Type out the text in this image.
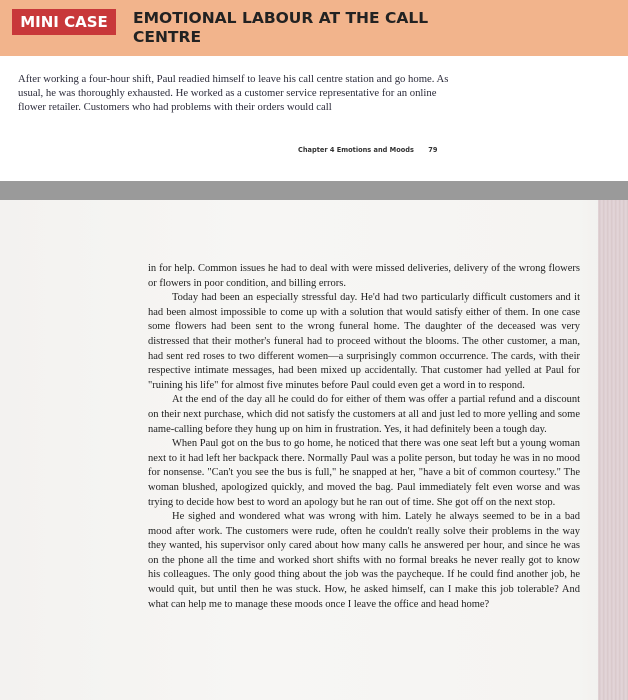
MINI CASE	EMOTIONAL LABOUR AT THE CALL
CENTRE
After working a four-hour shift, Paul readied himself to leave his call centre station and go home. As usual, he was thoroughly exhausted. He worked as a customer service representative for an online flower retailer. Customers who had problems with their orders would call
Chapter 4 Emotions and Moods 79

in for help. Common issues he had to deal with were missed deliveries, delivery of the wrong flowers or flowers in poor condition, and billing errors.

Today had been an especially stressful day. He'd had two particularly difficult customers and it had been almost impossible to come up with a solution that would satisfy either of them. In one case some flowers had been sent to the wrong funeral home. The daughter of the deceased was very distressed that their mother's funeral had to proceed without the blooms. The other customer, a man, had sent red roses to two different women—a surprisingly common occurrence. The cards, with their respective intimate messages, had been mixed up accidentally. That customer had yelled at Paul for "ruining his life" for almost five minutes before Paul could even get a word in to respond.

At the end of the day all he could do for either of them was offer a partial refund and a discount on their next purchase, which did not satisfy the customers at all and just led to more yelling and some name-calling before they hung up on him in frustration. Yes, it had definitely been a tough day.

When Paul got on the bus to go home, he noticed that there was one seat left but a young woman next to it had left her backpack there. Normally Paul was a polite person, but today he was in no mood for nonsense. "Can't you see the bus is full," he snapped at her, "have a bit of common courtesy." The woman blushed, apologized quickly, and moved the bag. Paul immediately felt even worse and was trying to decide how best to word an apology but he ran out of time. She got off on the next stop.

He sighed and wondered what was wrong with him. Lately he always seemed to be in a bad mood after work. The customers were rude, often he couldn't really solve their problems in the way they wanted, his supervisor only cared about how many calls he answered per hour, and since he was on the phone all the time and worked short shifts with no formal breaks he never really got to know his colleagues. The only good thing about the job was the paycheque. If he could find another job, he would quit, but until then he was stuck. How, he asked himself, can I make this job tolerable? And what can help me to manage these moods once I leave the office and head home?
